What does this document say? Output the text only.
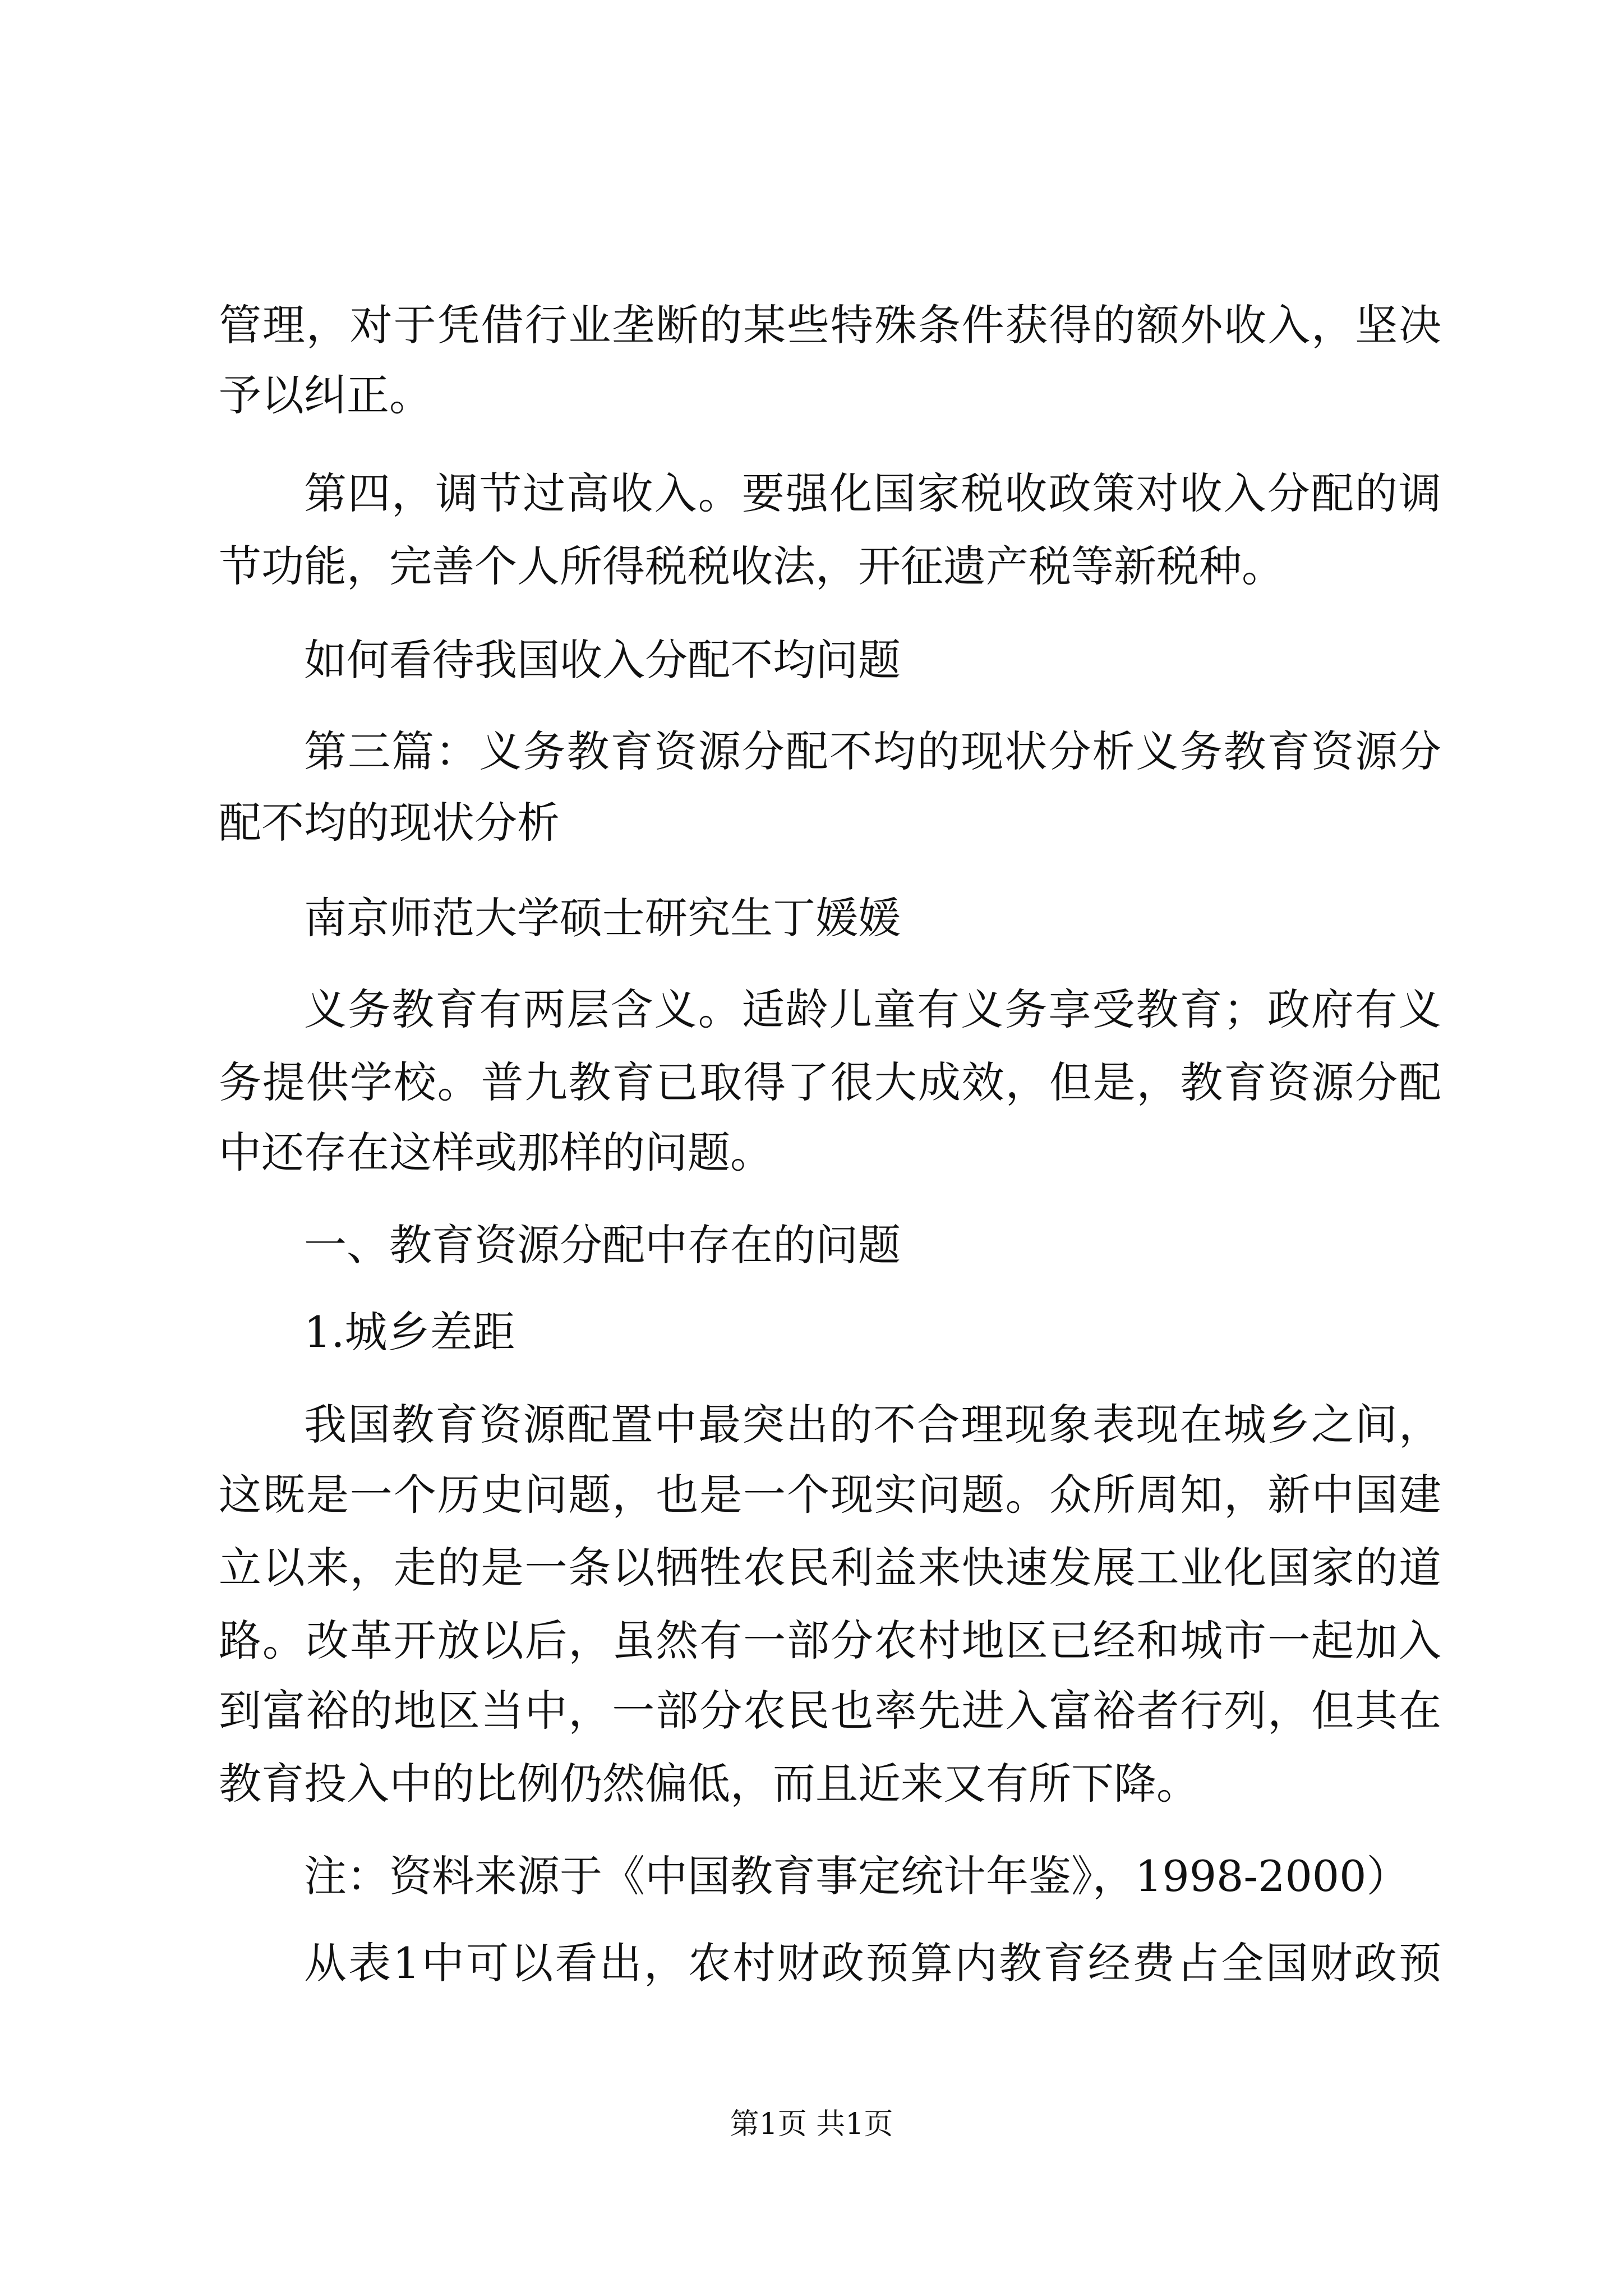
管理，对于凭借行业垄断的某些特殊条件获得的额外收入，坚决
予以纠正。
第四，调节过高收入。要强化国家税收政策对收入分配的调
节功能，完善个人所得税税收法，开征遗产税等新税种。
如何看待我国收入分配不均问题
第三篇：义务教育资源分配不均的现状分析义务教育资源分
配不均的现状分析
南京师范大学硕士研究生丁媛媛
义务教育有两层含义。适龄儿童有义务享受教育；政府有义
务提供学校。普九教育已取得了很大成效，但是，教育资源分配
中还存在这样或那样的问题。
一、教育资源分配中存在的问题
1.城乡差距
我国教育资源配置中最突出的不合理现象表现在城乡之间，
这既是一个历史问题，也是一个现实问题。众所周知，新中国建
立以来，走的是一条以牺牲农民利益来快速发展工业化国家的道
路。改革开放以后，虽然有一部分农村地区已经和城市一起加入
到富裕的地区当中，一部分农民也率先进入富裕者行列，但其在
教育投入中的比例仍然偏低，而且近来又有所下降。
注：资料来源于《中国教育事定统计年鉴》，1998-2000）
从表1中可以看出，农村财政预算内教育经费占全国财政预
第1页 共1页
